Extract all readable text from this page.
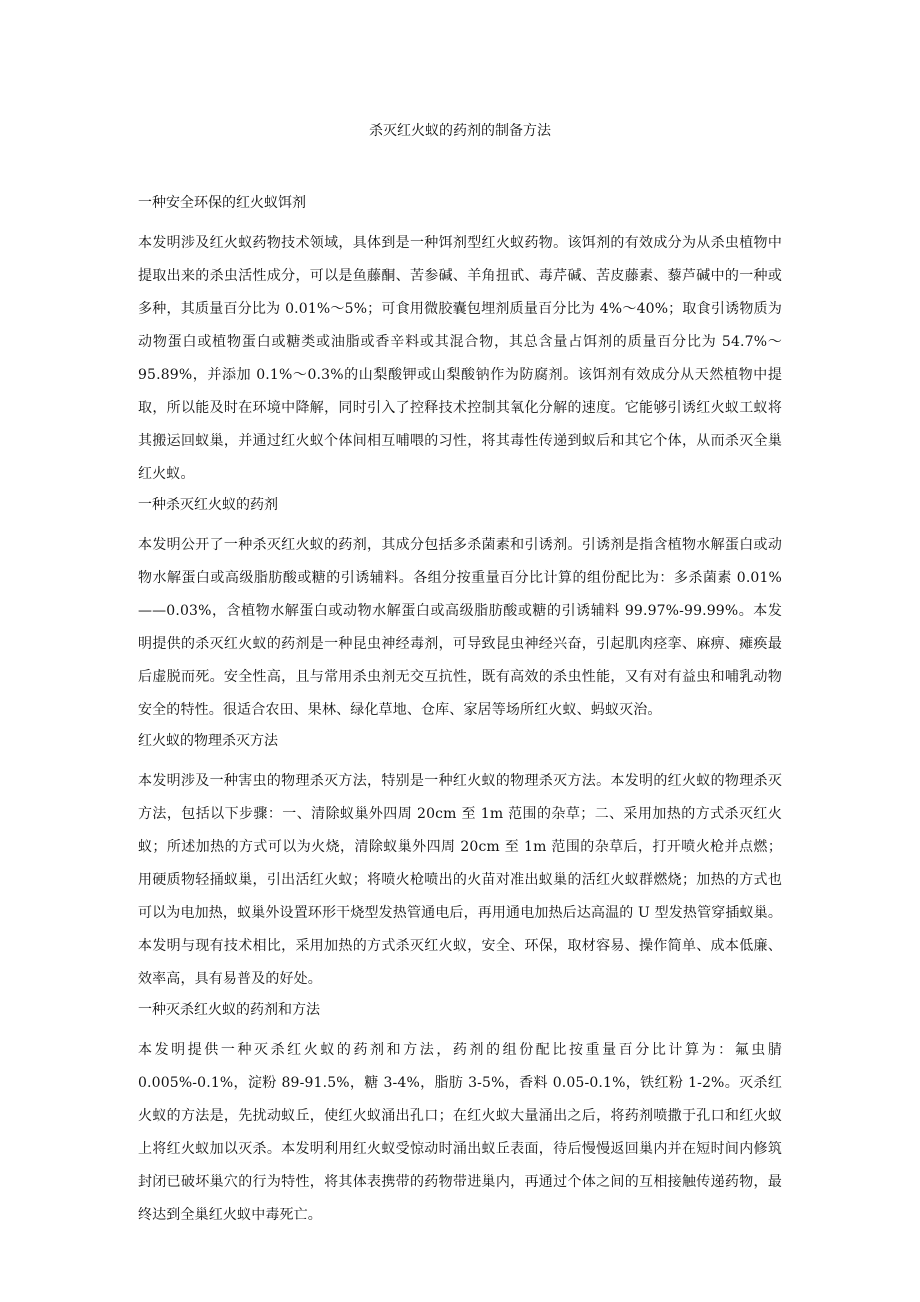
杀灭红火蚁的药剂的制备方法

一种安全环保的红火蚁饵剂

本发明涉及红火蚁药物技术领域，具体到是一种饵剂型红火蚁药物。该饵剂的有效成分为从杀虫植物中提取出来的杀虫活性成分，可以是鱼藤酮、苦参碱、羊角扭甙、毒芹碱、苦皮藤素、藜芦碱中的一种或多种，其质量百分比为 0.01%～5%；可食用微胶囊包埋剂质量百分比为 4%～40%；取食引诱物质为动物蛋白或植物蛋白或糖类或油脂或香辛料或其混合物，其总含量占饵剂的质量百分比为 54.7%～95.89%，并添加 0.1%～0.3%的山梨酸钾或山梨酸钠作为防腐剂。该饵剂有效成分从天然植物中提取，所以能及时在环境中降解，同时引入了控释技术控制其氧化分解的速度。它能够引诱红火蚁工蚁将其搬运回蚁巢，并通过红火蚁个体间相互哺喂的习性，将其毒性传递到蚁后和其它个体，从而杀灭全巢红火蚁。

一种杀灭红火蚁的药剂

本发明公开了一种杀灭红火蚁的药剂，其成分包括多杀菌素和引诱剂。引诱剂是指含植物水解蛋白或动物水解蛋白或高级脂肪酸或糖的引诱辅料。各组分按重量百分比计算的组份配比为：多杀菌素 0.01%——0.03%，含植物水解蛋白或动物水解蛋白或高级脂肪酸或糖的引诱辅料 99.97%-99.99%。本发明提供的杀灭红火蚁的药剂是一种昆虫神经毒剂，可导致昆虫神经兴奋，引起肌肉痉挛、麻痹、瘫痪最后虚脱而死。安全性高，且与常用杀虫剂无交互抗性，既有高效的杀虫性能，又有对有益虫和哺乳动物安全的特性。很适合农田、果林、绿化草地、仓库、家居等场所红火蚁、蚂蚁灭治。

红火蚁的物理杀灭方法

本发明涉及一种害虫的物理杀灭方法，特别是一种红火蚁的物理杀灭方法。本发明的红火蚁的物理杀灭方法，包括以下步骤：一、清除蚁巢外四周 20cm 至 1m 范围的杂草；二、采用加热的方式杀灭红火蚁；所述加热的方式可以为火烧，清除蚁巢外四周 20cm 至 1m 范围的杂草后，打开喷火枪并点燃；用硬质物轻捅蚁巢，引出活红火蚁；将喷火枪喷出的火苗对准出蚁巢的活红火蚁群燃烧；加热的方式也可以为电加热，蚁巢外设置环形干烧型发热管通电后，再用通电加热后达高温的 U 型发热管穿插蚁巢。本发明与现有技术相比，采用加热的方式杀灭红火蚁，安全、环保，取材容易、操作简单、成本低廉、效率高，具有易普及的好处。

一种灭杀红火蚁的药剂和方法

本发明提供一种灭杀红火蚁的药剂和方法，药剂的组份配比按重量百分比计算为：氟虫腈 0.005%-0.1%，淀粉 89-91.5%，糖 3-4%，脂肪 3-5%，香料 0.05-0.1%，铁红粉 1-2%。灭杀红火蚁的方法是，先扰动蚁丘，使红火蚁涌出孔口；在红火蚁大量涌出之后，将药剂喷撒于孔口和红火蚁上将红火蚁加以灭杀。本发明利用红火蚁受惊动时涌出蚁丘表面，待后慢慢返回巢内并在短时间内修筑封闭已破坏巢穴的行为特性，将其体表携带的药物带进巢内，再通过个体之间的互相接触传递药物，最终达到全巢红火蚁中毒死亡。
